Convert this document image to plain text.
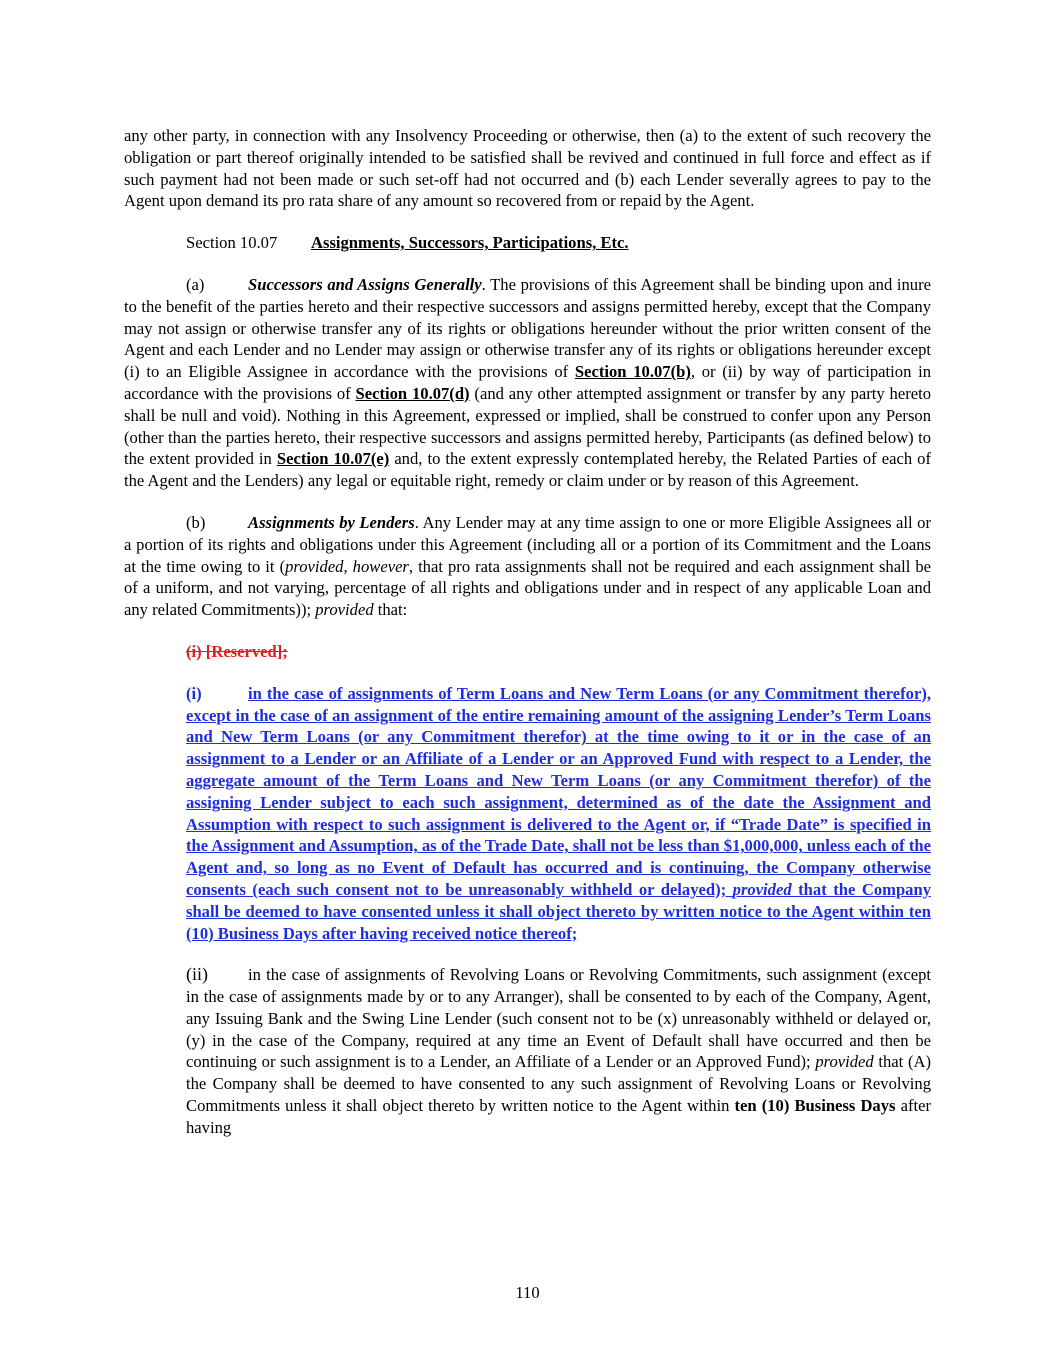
any other party, in connection with any Insolvency Proceeding or otherwise, then (a) to the extent of such recovery the obligation or part thereof originally intended to be satisfied shall be revived and continued in full force and effect as if such payment had not been made or such set-off had not occurred and (b) each Lender severally agrees to pay to the Agent upon demand its pro rata share of any amount so recovered from or repaid by the Agent.

Section 10.07 Assignments, Successors, Participations, Etc.

(a)	Successors and Assigns Generally. The provisions of this Agreement shall be binding upon and inure to the benefit of the parties hereto and their respective successors and assigns permitted hereby, except that the Company may not assign or otherwise transfer any of its rights or obligations hereunder without the prior written consent of the Agent and each Lender and no Lender may assign or otherwise transfer any of its rights or obligations hereunder except (i) to an Eligible Assignee in accordance with the provisions of Section 10.07(b), or (ii) by way of participation in accordance with the provisions of Section 10.07(d) (and any other attempted assignment or transfer by any party hereto shall be null and void). Nothing in this Agreement, expressed or implied, shall be construed to confer upon any Person (other than the parties hereto, their respective successors and assigns permitted hereby, Participants (as defined below) to the extent provided in Section 10.07(e) and, to the extent expressly contemplated hereby, the Related Parties of each of the Agent and the Lenders) any legal or equitable right, remedy or claim under or by reason of this Agreement.

(b)	Assignments by Lenders. Any Lender may at any time assign to one or more Eligible Assignees all or a portion of its rights and obligations under this Agreement (including all or a portion of its Commitment and the Loans at the time owing to it (provided, however, that pro rata assignments shall not be required and each assignment shall be of a uniform, and not varying, percentage of all rights and obligations under and in respect of any applicable Loan and any related Commitments)); provided that:

(i) [Reserved];

(i)	in the case of assignments of Term Loans and New Term Loans (or any Commitment therefor), except in the case of an assignment of the entire remaining amount of the assigning Lender’s Term Loans and New Term Loans (or any Commitment therefor) at the time owing to it or in the case of an assignment to a Lender or an Affiliate of a Lender or an Approved Fund with respect to a Lender, the aggregate amount of the Term Loans and New Term Loans (or any Commitment therefor) of the assigning Lender subject to each such assignment, determined as of the date the Assignment and Assumption with respect to such assignment is delivered to the Agent or, if “Trade Date” is specified in the Assignment and Assumption, as of the Trade Date, shall not be less than $1,000,000, unless each of the Agent and, so long as no Event of Default has occurred and is continuing, the Company otherwise consents (each such consent not to be unreasonably withheld or delayed); provided that the Company shall be deemed to have consented unless it shall object thereto by written notice to the Agent within ten (10) Business Days after having received notice thereof;

(ii) in the case of assignments of Revolving Loans or Revolving Commitments, such assignment (except in the case of assignments made by or to any Arranger), shall be consented to by each of the Company, Agent, any Issuing Bank and the Swing Line Lender (such consent not to be (x) unreasonably withheld or delayed or, (y) in the case of the Company, required at any time an Event of Default shall have occurred and then be continuing or such assignment is to a Lender, an Affiliate of a Lender or an Approved Fund); provided that (A) the Company shall be deemed to have consented to any such assignment of Revolving Loans or Revolving Commitments unless it shall object thereto by written notice to the Agent within ten (10) Business Days after having

110
